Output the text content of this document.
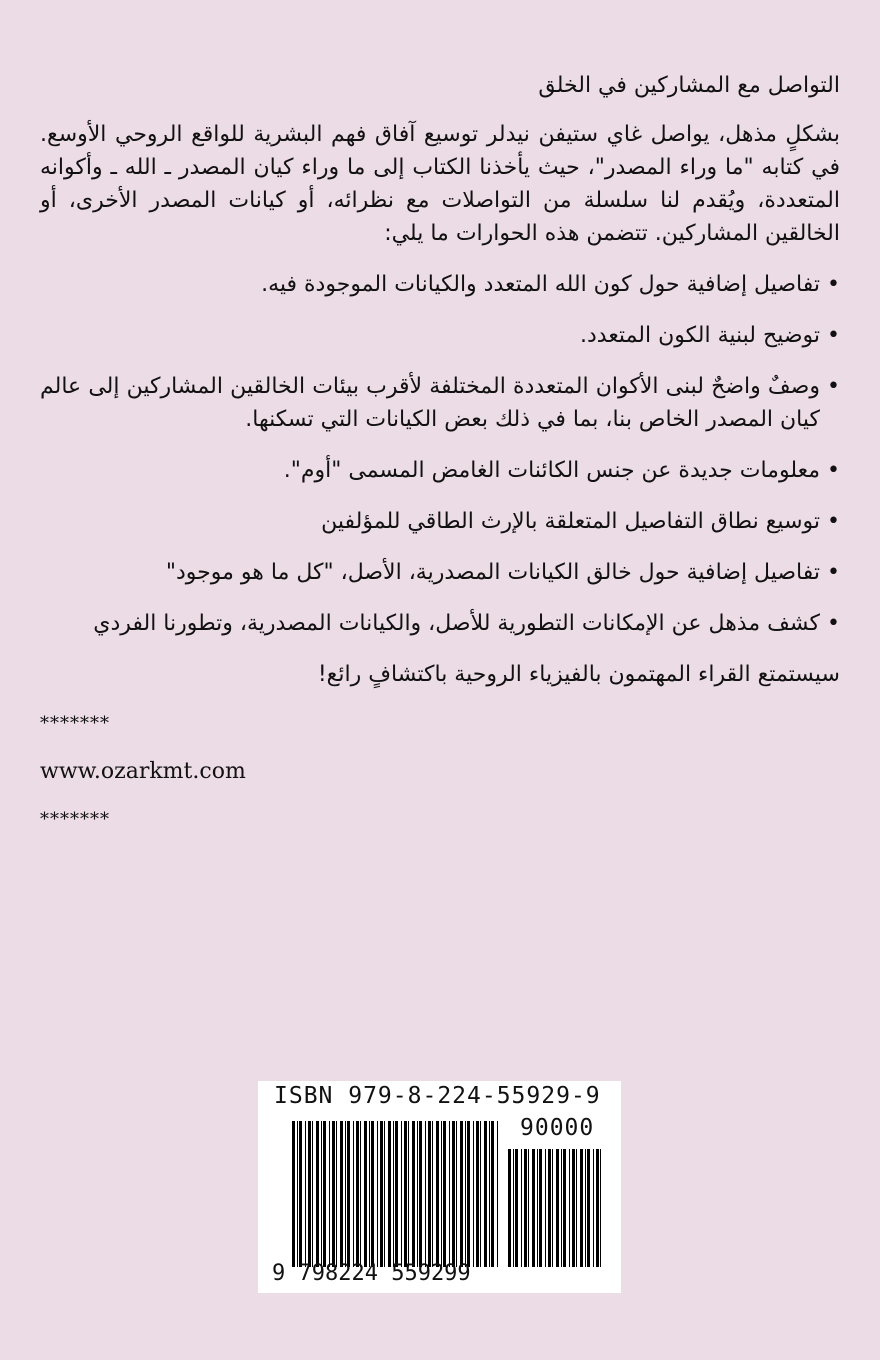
التواصل مع المشاركين في الخلق

بشكلٍ مذهل، يواصل غاي ستيفن نيدلر توسيع آفاق فهم البشرية للواقع الروحي الأوسع. في كتابه "ما وراء المصدر"، حيث يأخذنا الكتاب إلى ما وراء كيان المصدر ـ الله ـ وأكوانه المتعددة، ويُقدم لنا سلسلة من التواصلات مع نظرائه، أو كيانات المصدر الأخرى، أو الخالقين المشاركين. تتضمن هذه الحوارات ما يلي:

•
تفاصيل إضافية حول كون الله المتعدد والكيانات الموجودة فيه.
•
توضيح لبنية الكون المتعدد.
•
وصفٌ واضحٌ لبنى الأكوان المتعددة المختلفة لأقرب بيئات الخالقين المشاركين إلى عالم كيان المصدر الخاص بنا، بما في ذلك بعض الكيانات التي تسكنها.
•
معلومات جديدة عن جنس الكائنات الغامض المسمى "أوم".
•
توسيع نطاق التفاصيل المتعلقة بالإرث الطاقي للمؤلفين
•
تفاصيل إضافية حول خالق الكيانات المصدرية، الأصل، "كل ما هو موجود"
•
كشف مذهل عن الإمكانات التطورية للأصل، والكيانات المصدرية، وتطورنا الفردي

سيستمتع القراء المهتمون بالفيزياء الروحية باكتشافٍ رائع!

*******

www.ozarkmt.com

*******

ISBN 979-8-224-55929-9
90000
9 798224 559299
